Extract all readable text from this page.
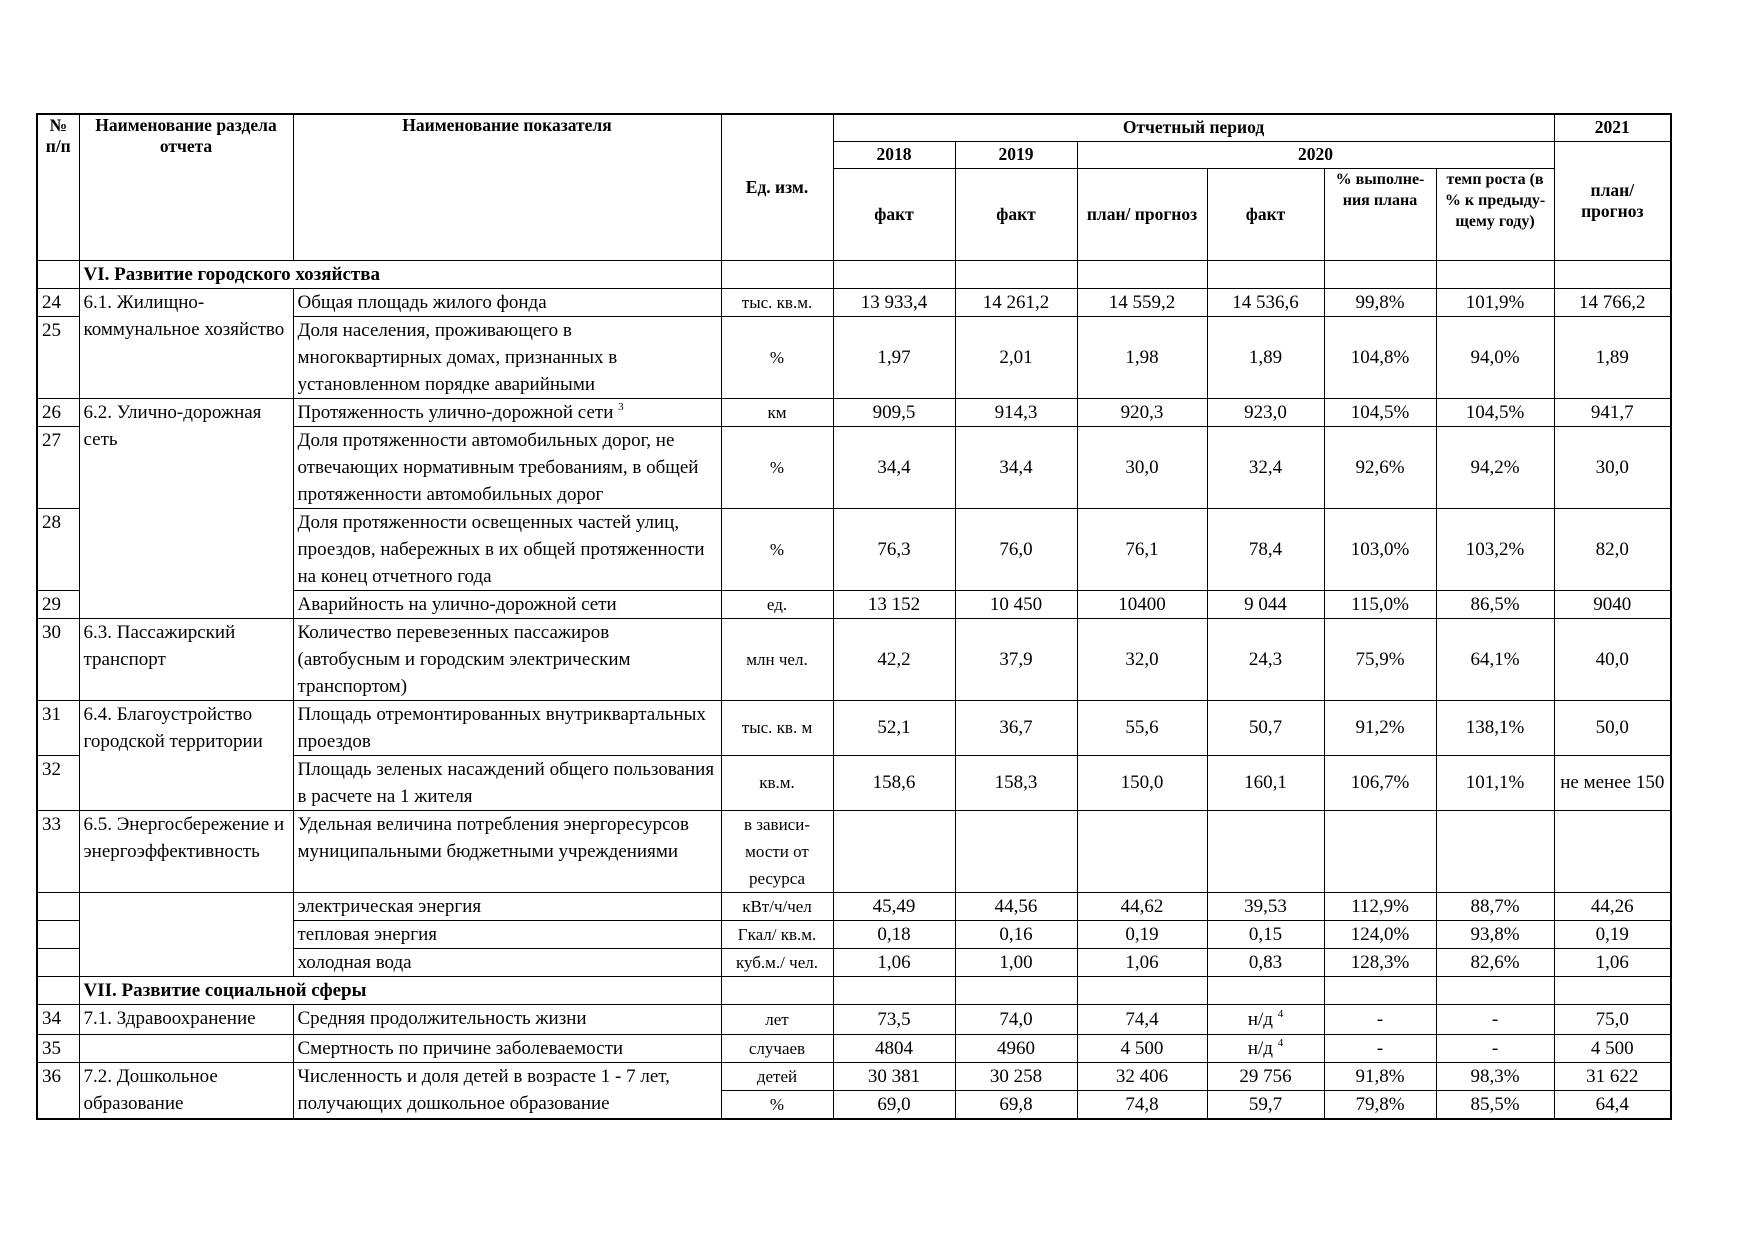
№ п/п	Наименование раздела отчета	Наименование показателя	Ед. изм.	Отчетный период						2021
				2018	2019	2020				план/ прогноз
				факт	факт	план/ прогноз	факт	% выполне-ния плана	темп роста (в % к предыду-щему году)	
	VI. Развитие городского хозяйства									
24	6.1. Жилищно-коммунальное хозяйство	Общая площадь жилого фонда	тыс. кв.м.	13 933,4	14 261,2	14 559,2	14 536,6	99,8%	101,9%	14 766,2
25		Доля населения, проживающего в многоквартирных домах, признанных в установленном порядке аварийными	%	1,97	2,01	1,98	1,89	104,8%	94,0%	1,89
26	6.2. Улично-дорожная сеть	Протяженность улично-дорожной сети $^3$	км	909,5	914,3	920,3	923,0	104,5%	104,5%	941,7
27		Доля протяженности автомобильных дорог, не отвечающих нормативным требованиям, в общей протяженности автомобильных дорог	%	34,4	34,4	30,0	32,4	92,6%	94,2%	30,0
28		Доля протяженности освещенных частей улиц, проездов, набережных в их общей протяженности на конец отчетного года	%	76,3	76,0	76,1	78,4	103,0%	103,2%	82,0
29		Аварийность на улично-дорожной сети	ед.	13 152	10 450	10400	9 044	115,0%	86,5%	9040
30	6.3. Пассажирский транспорт	Количество перевезенных пассажиров (автобусным и городским электрическим транспортом)	млн чел.	42,2	37,9	32,0	24,3	75,9%	64,1%	40,0
31	6.4. Благоустройство городской территории	Площадь отремонтированных внутриквартальных проездов	тыс. кв. м	52,1	36,7	55,6	50,7	91,2%	138,1%	50,0
32		Площадь зеленых насаждений общего пользования в расчете на 1 жителя	кв.м.	158,6	158,3	150,0	160,1	106,7%	101,1%	не менее 150
33	6.5. Энергосбережение и энергоэффективность	Удельная величина потребления энергоресурсов муниципальными бюджетными учреждениями	в зависи-мости от ресурса							
		электрическая энергия	кВт/ч/чел	45,49	44,56	44,62	39,53	112,9%	88,7%	44,26
		тепловая энергия	Гкал/ кв.м.	0,18	0,16	0,19	0,15	124,0%	93,8%	0,19
		холодная вода	куб.м./ чел.	1,06	1,00	1,06	0,83	128,3%	82,6%	1,06
	VII. Развитие социальной сферы									
34	7.1. Здравоохранение	Средняя продолжительность жизни	лет	73,5	74,0	74,4	н/д $^4$	-	-	75,0
35		Смертность по причине заболеваемости	случаев	4804	4960	4 500	н/д $^4$	-	-	4 500
36	7.2. Дошкольное образование	Численность и доля детей в возрасте 1 - 7 лет, получающих дошкольное образование	детей	30 381	30 258	32 406	29 756	91,8%	98,3%	31 622
			%	69,0	69,8	74,8	59,7	79,8%	85,5%	64,4
